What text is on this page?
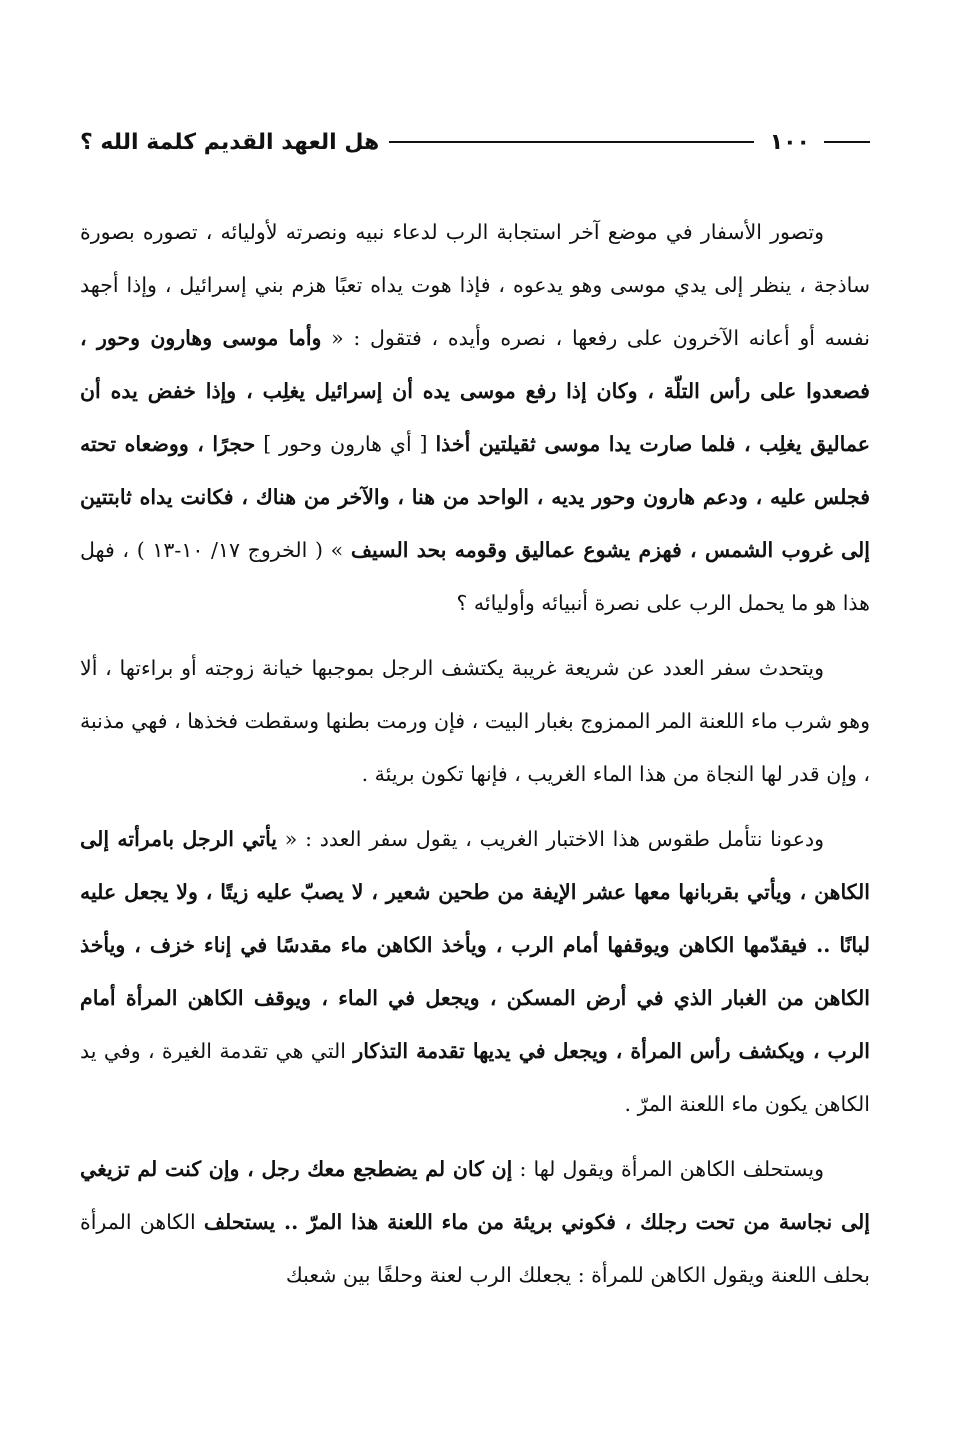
١٠٠
هل العهد القديم كلمة الله ؟

وتصور الأسفار في موضع آخر استجابة الرب لدعاء نبيه ونصرته لأوليائه ، تصوره بصورة ساذجة ، ينظر إلى يدي موسى وهو يدعوه ، فإذا هوت يداه تعبًا هزم بني إسرائيل ، وإذا أجهد نفسه أو أعانه الآخرون على رفعها ، نصره وأيده ، فتقول : « وأما موسى وهارون وحور ، فصعدوا على رأس التلّة ، وكان إذا رفع موسى يده أن إسرائيل يغلِب ، وإذا خفض يده أن عماليق يغلِب ، فلما صارت يدا موسى ثقيلتين أخذا [ أي هارون وحور ] حجرًا ، ووضعاه تحته فجلس عليه ، ودعم هارون وحور يديه ، الواحد من هنا ، والآخر من هناك ، فكانت يداه ثابتتين إلى غروب الشمس ، فهزم يشوع عماليق وقومه بحد السيف » ( الخروج ١٧/ ١٠-١٣ ) ، فهل هذا هو ما يحمل الرب على نصرة أنبيائه وأوليائه ؟

ويتحدث سفر العدد عن شريعة غريبة يكتشف الرجل بموجبها خيانة زوجته أو براءتها ، ألا وهو شرب ماء اللعنة المر الممزوج بغبار البيت ، فإن ورمت بطنها وسقطت فخذها ، فهي مذنبة ، وإن قدر لها النجاة من هذا الماء الغريب ، فإنها تكون بريئة .

ودعونا نتأمل طقوس هذا الاختبار الغريب ، يقول سفر العدد : « يأتي الرجل بامرأته إلى الكاهن ، ويأتي بقربانها معها عشر الإيفة من طحين شعير ، لا يصبّ عليه زيتًا ، ولا يجعل عليه لبانًا .. فيقدّمها الكاهن ويوقفها أمام الرب ، ويأخذ الكاهن ماء مقدسًا في إناء خزف ، ويأخذ الكاهن من الغبار الذي في أرض المسكن ، ويجعل في الماء ، ويوقف الكاهن المرأة أمام الرب ، ويكشف رأس المرأة ، ويجعل في يديها تقدمة التذكار التي هي تقدمة الغيرة ، وفي يد الكاهن يكون ماء اللعنة المرّ .

ويستحلف الكاهن المرأة ويقول لها : إن كان لم يضطجع معك رجل ، وإن كنت لم تزيغي إلى نجاسة من تحت رجلك ، فكوني بريئة من ماء اللعنة هذا المرّ .. يستحلف الكاهن المرأة بحلف اللعنة ويقول الكاهن للمرأة : يجعلك الرب لعنة وحلفًا بين شعبك
